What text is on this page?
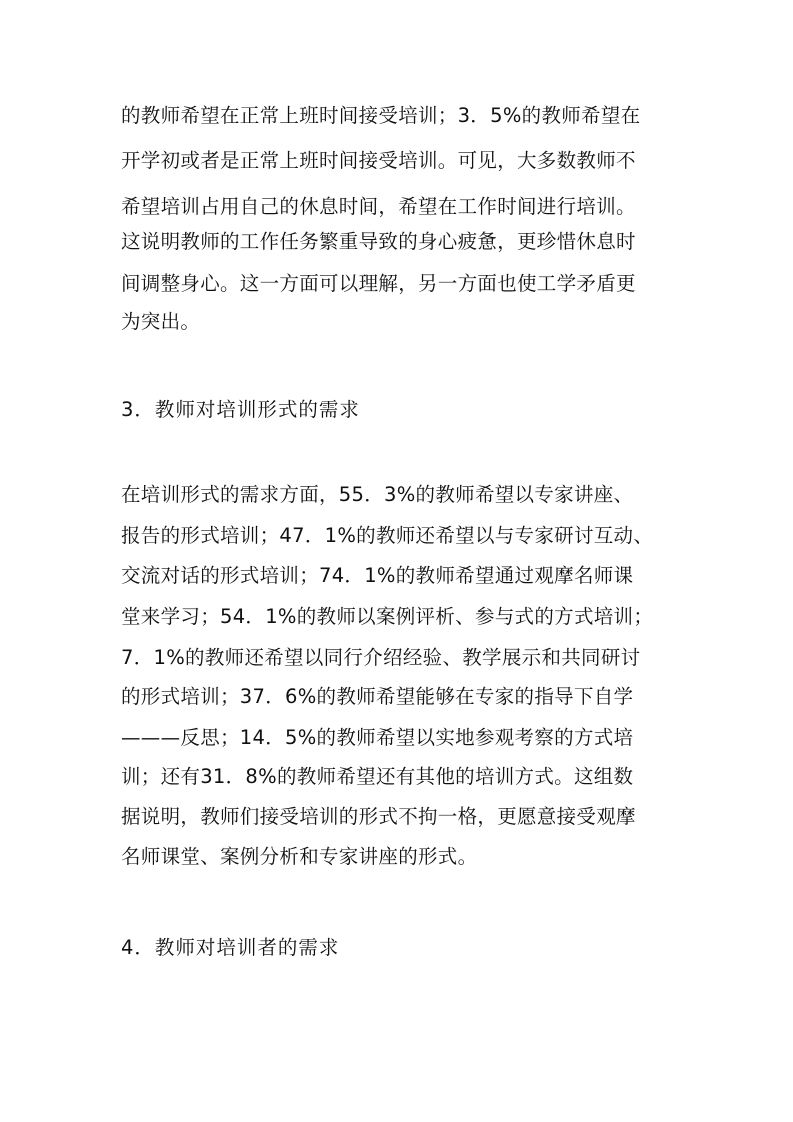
的教师希望在正常上班时间接受培训；3．5%的教师希望在
开学初或者是正常上班时间接受培训。可见，大多数教师不
希望培训占用自己的休息时间，希望在工作时间进行培训。
这说明教师的工作任务繁重导致的身心疲惫，更珍惜休息时
间调整身心。这一方面可以理解，另一方面也使工学矛盾更
为突出。
3．教师对培训形式的需求
在培训形式的需求方面，55．3%的教师希望以专家讲座、
报告的形式培训；47．1%的教师还希望以与专家研讨互动、
交流对话的形式培训；74．1%的教师希望通过观摩名师课
堂来学习；54．1%的教师以案例评析、参与式的方式培训；
7．1%的教师还希望以同行介绍经验、教学展示和共同研讨
的形式培训；37．6%的教师希望能够在专家的指导下自学
———反思；14．5%的教师希望以实地参观考察的方式培
训；还有31．8%的教师希望还有其他的培训方式。这组数
据说明，教师们接受培训的形式不拘一格，更愿意接受观摩
名师课堂、案例分析和专家讲座的形式。
4．教师对培训者的需求
